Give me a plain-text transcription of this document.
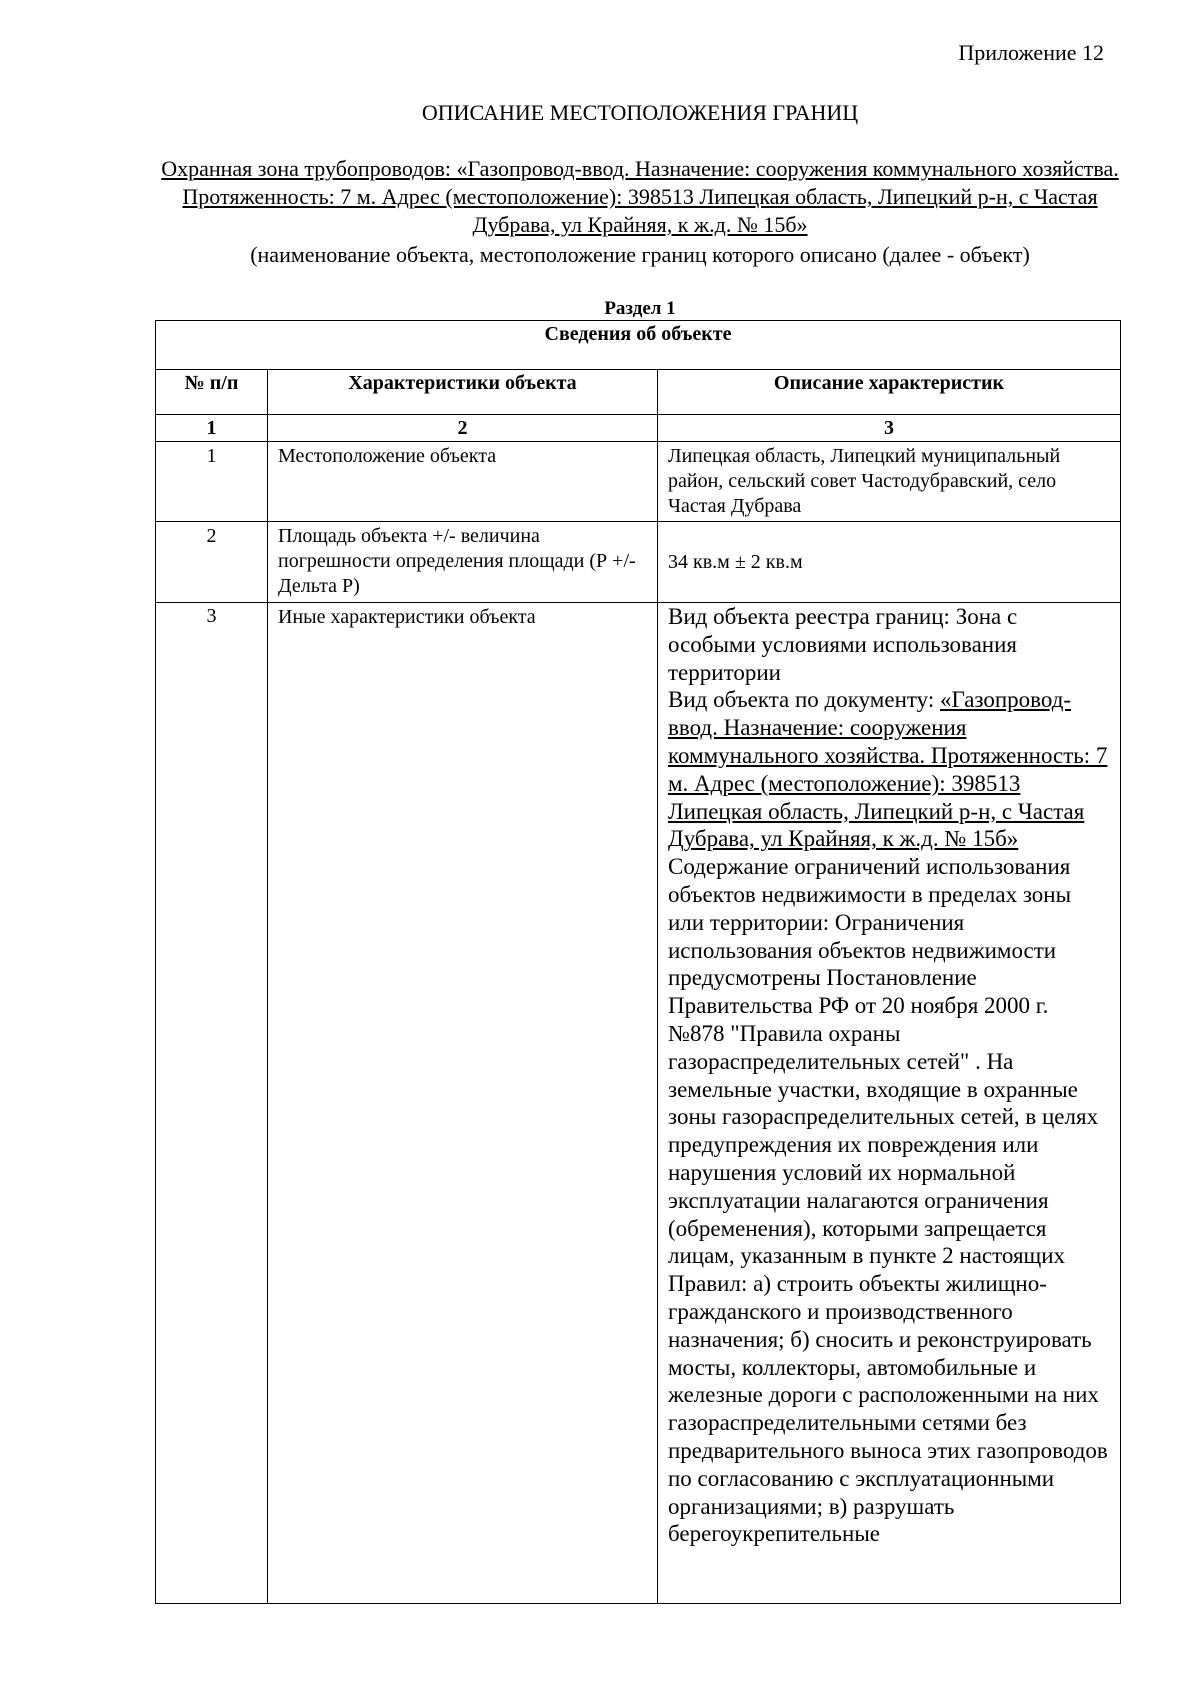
Приложение 12
ОПИСАНИЕ МЕСТОПОЛОЖЕНИЯ ГРАНИЦ
Охранная зона трубопроводов: «Газопровод-ввод. Назначение: сооружения коммунального хозяйства. Протяженность: 7 м. Адрес (местоположение): 398513 Липецкая область, Липецкий р-н, с Частая Дубрава, ул Крайняя, к ж.д. № 15б»
(наименование объекта, местоположение границ которого описано (далее - объект)
Раздел 1
Сведения об объекте		
№ п/п	Характеристики объекта	Описание характеристик
1	2	3
1	Местоположение объекта	Липецкая область, Липецкий муниципальный район, сельский совет Частодубравский, село Частая Дубрава
2	Площадь объекта +/- величина погрешности определения площади (Р +/- Дельта Р)	34 кв.м ± 2 кв.м
3	Иные характеристики объекта	Вид объекта реестра границ: Зона с особыми условиями использования территории
Вид объекта по документу: «Газопровод-ввод. Назначение: сооружения коммунального хозяйства. Протяженность: 7 м. Адрес (местоположение): 398513 Липецкая область, Липецкий р-н, с Частая Дубрава, ул Крайняя, к ж.д. № 15б»
Содержание ограничений использования объектов недвижимости в пределах зоны или территории: Ограничения использования объектов недвижимости предусмотрены Постановление Правительства РФ от 20 ноября 2000 г. №878 "Правила охраны газораспределительных сетей" . На земельные участки, входящие в охранные зоны газораспределительных сетей, в целях предупреждения их повреждения или нарушения условий их нормальной эксплуатации налагаются ограничения (обременения), которыми запрещается лицам, указанным в пункте 2 настоящих Правил: а) строить объекты жилищно-гражданского и производственного назначения; б) сносить и реконструировать мосты, коллекторы, автомобильные и железные дороги с расположенными на них газораспределительными сетями без предварительного выноса этих газопроводов по согласованию с эксплуатационными организациями; в) разрушать берегоукрепительные
